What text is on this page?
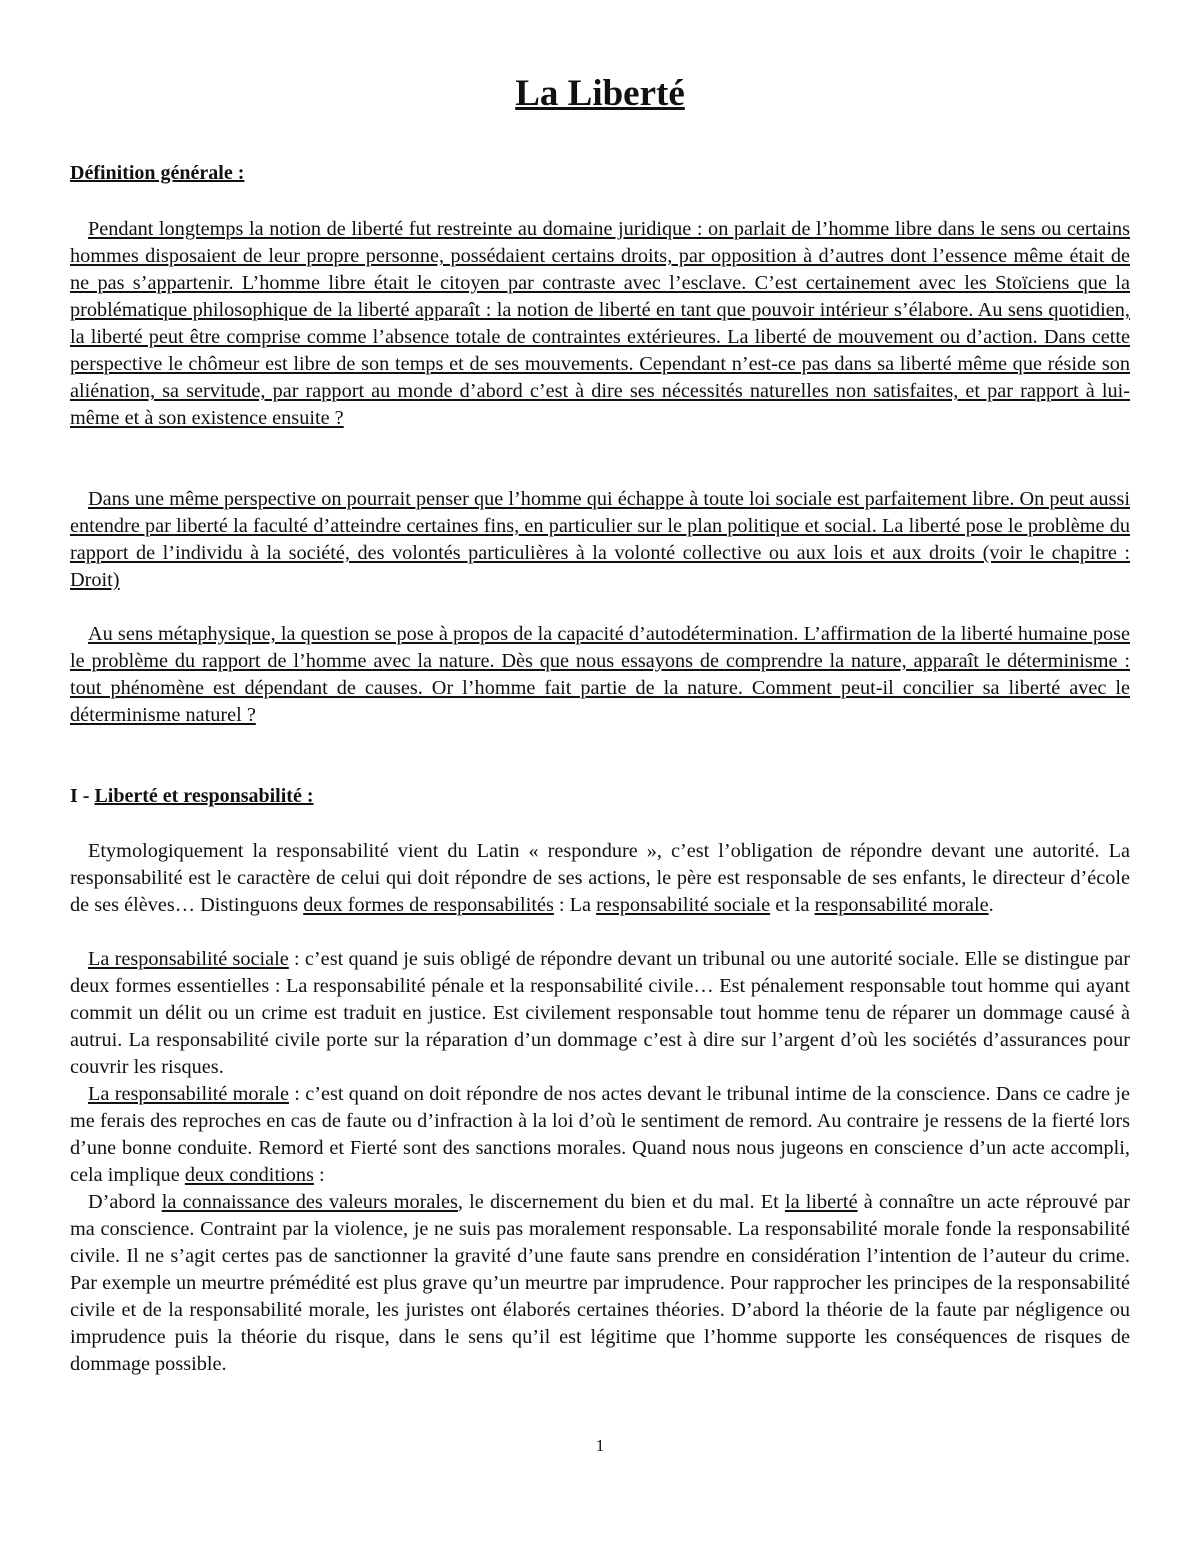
La Liberté
Définition générale :

Pendant longtemps la notion de liberté fut restreinte au domaine juridique : on parlait de l’homme libre dans le sens ou certains hommes disposaient de leur propre personne, possédaient certains droits, par opposition à d’autres dont l’essence même était de ne pas s’appartenir. L’homme libre était le citoyen par contraste avec l’esclave. C’est certainement avec les Stoïciens que la problématique philosophique de la liberté apparaît : la notion de liberté en tant que pouvoir intérieur s’élabore. Au sens quotidien, la liberté peut être comprise comme l’absence totale de contraintes extérieures. La liberté de mouvement ou d’action. Dans cette perspective le chômeur est libre de son temps et de ses mouvements. Cependant n’est-ce pas dans sa liberté même que réside son aliénation, sa servitude, par rapport au monde d’abord c’est à dire ses nécessités naturelles non satisfaites, et par rapport à lui-même et à son existence ensuite ?

Dans une même perspective on pourrait penser que l’homme qui échappe à toute loi sociale est parfaitement libre. On peut aussi entendre par liberté la faculté d’atteindre certaines fins, en particulier sur le plan politique et social. La liberté pose le problème du rapport de l’individu à la société, des volontés particulières à la volonté collective ou aux lois et aux droits (voir le chapitre : Droit)

Au sens métaphysique, la question se pose à propos de la capacité d’autodétermination. L’affirmation de la liberté humaine pose le problème du rapport de l’homme avec la nature. Dès que nous essayons de comprendre la nature, apparaît le déterminisme : tout phénomène est dépendant de causes. Or l’homme fait partie de la nature. Comment peut-il concilier sa liberté avec le déterminisme naturel ?

I - Liberté et responsabilité :

Etymologiquement la responsabilité vient du Latin « respondure », c’est l’obligation de répondre devant une autorité. La responsabilité est le caractère de celui qui doit répondre de ses actions, le père est responsable de ses enfants, le directeur d’école de ses élèves… Distinguons deux formes de responsabilités : La responsabilité sociale et la responsabilité morale.

La responsabilité sociale : c’est quand je suis obligé de répondre devant un tribunal ou une autorité sociale. Elle se distingue par deux formes essentielles : La responsabilité pénale et la responsabilité civile… Est pénalement responsable tout homme qui ayant commit un délit ou un crime est traduit en justice. Est civilement responsable tout homme tenu de réparer un dommage causé à autrui. La responsabilité civile porte sur la réparation d’un dommage c’est à dire sur l’argent d’où les sociétés d’assurances pour couvrir les risques.

La responsabilité morale : c’est quand on doit répondre de nos actes devant le tribunal intime de la conscience. Dans ce cadre je me ferais des reproches en cas de faute ou d’infraction à la loi d’où le sentiment de remord. Au contraire je ressens de la fierté lors d’une bonne conduite. Remord et Fierté sont des sanctions morales. Quand nous nous jugeons en conscience d’un acte accompli, cela implique deux conditions :

D’abord la connaissance des valeurs morales, le discernement du bien et du mal. Et la liberté à connaître un acte réprouvé par ma conscience. Contraint par la violence, je ne suis pas moralement responsable. La responsabilité morale fonde la responsabilité civile. Il ne s’agit certes pas de sanctionner la gravité d’une faute sans prendre en considération l’intention de l’auteur du crime. Par exemple un meurtre prémédité est plus grave qu’un meurtre par imprudence. Pour rapprocher les principes de la responsabilité civile et de la responsabilité morale, les juristes ont élaborés certaines théories. D’abord la théorie de la faute par négligence ou imprudence puis la théorie du risque, dans le sens qu’il est légitime que l’homme supporte les conséquences de risques de dommage possible.

1
